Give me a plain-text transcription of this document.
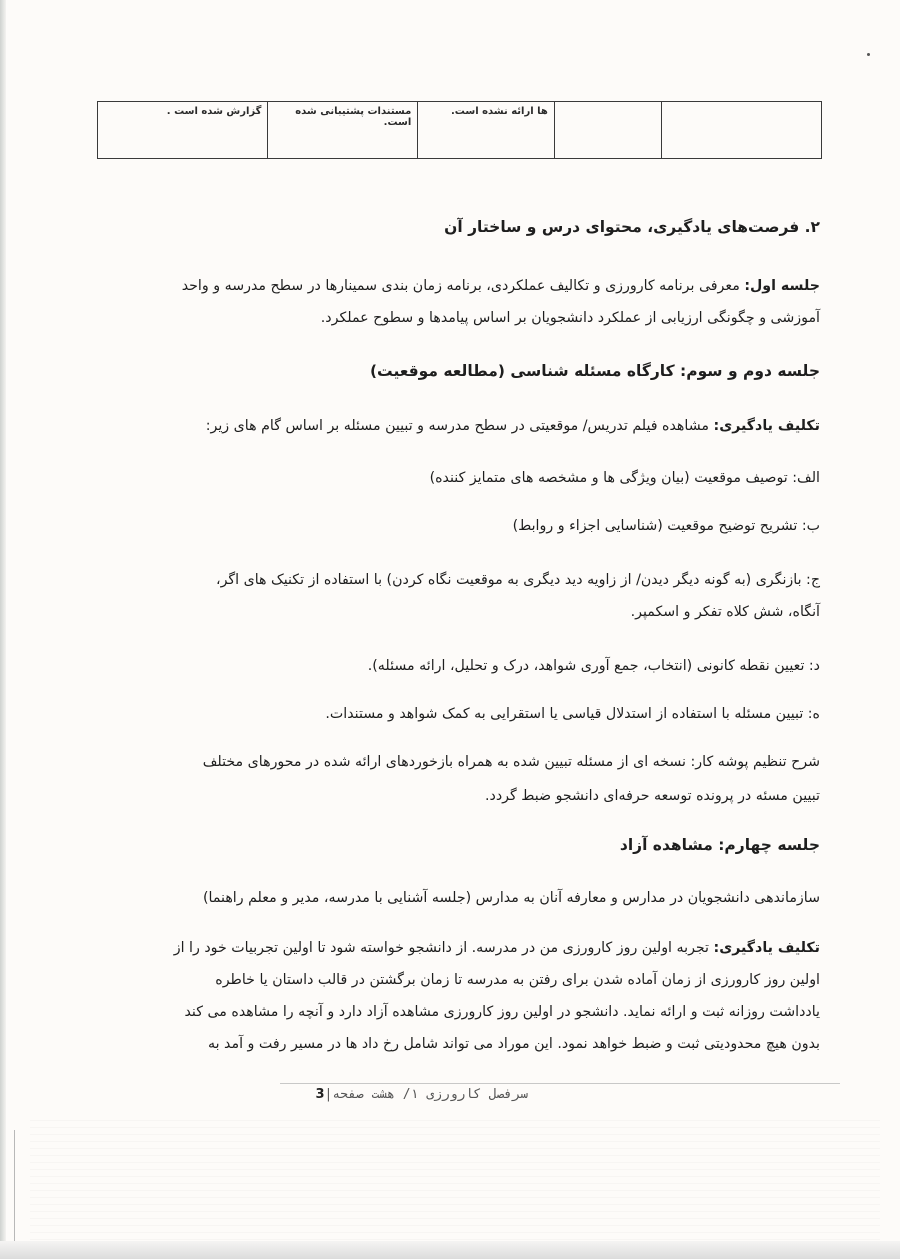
		ها ارائه نشده است.	مستندات پشتیبانی شده است.	گزارش شده است .
۲. فرصت‌های یادگیری، محتوای درس و ساختار آن
جلسه اول: معرفی برنامه کارورزی و تکالیف عملکردی، برنامه زمان بندی سمینارها در سطح مدرسه و واحد
آموزشی و چگونگی ارزیابی از عملکرد دانشجویان بر اساس پیامدها و سطوح عملکرد.
جلسه دوم و سوم: کارگاه مسئله شناسی (مطالعه موقعیت)
تکلیف یادگیری: مشاهده فیلم تدریس/ موقعیتی در سطح مدرسه و تبیین مسئله بر اساس گام های زیر:
الف: توصیف موقعیت (بیان ویژگی ها و مشخصه های متمایز کننده)
ب: تشریح توضیح موقعیت (شناسایی اجزاء و روابط)
ج: بازنگری (به گونه دیگر دیدن/ از زاویه دید دیگری به موقعیت نگاه کردن) با استفاده از تکنیک های اگر،
آنگاه، شش کلاه تفکر و اسکمپر.
د: تعیین نقطه کانونی (انتخاب، جمع آوری شواهد، درک و تحلیل، ارائه مسئله).
ه: تبیین مسئله با استفاده از استدلال قیاسی یا استقرایی به کمک شواهد و مستندات.
شرح تنظیم پوشه کار: نسخه ای از مسئله تبیین شده به همراه بازخوردهای ارائه شده در محورهای مختلف
تبیین مسئه در پرونده توسعه حرفه‌ای دانشجو ضبط گردد.
جلسه چهارم: مشاهده آزاد
سازماندهی دانشجویان در مدارس و معارفه آنان به مدارس (جلسه آشنایی با مدرسه، مدیر و معلم راهنما)
تکلیف یادگیری: تجربه اولین روز کارورزی من در مدرسه. از دانشجو خواسته شود تا اولین تجربیات خود را از
اولین روز کارورزی از زمان آماده شدن برای رفتن به مدرسه تا زمان برگشتن در قالب داستان یا خاطره
یادداشت روزانه ثبت و ارائه نماید. دانشجو در اولین روز کارورزی مشاهده آزاد دارد و آنچه را مشاهده می کند
بدون هیچ محدودیتی ثبت و ضبط خواهد نمود. این موراد می تواند شامل رخ داد ها در مسیر رفت و آمد به
سرفصل کارورزی ۱/ هشت صفحه|3
